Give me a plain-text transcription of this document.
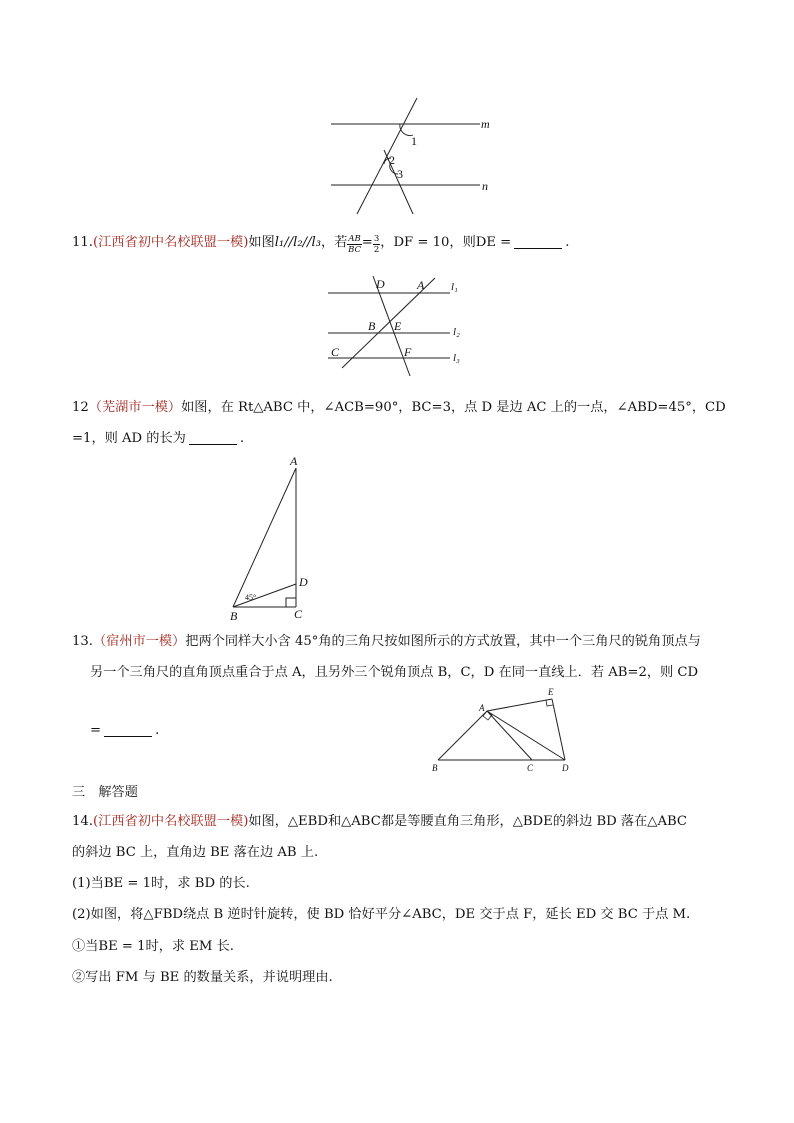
m
n
1
2
3
11.(江西省初中名校联盟一模)如图l₁//l₂//l₃，若 $\frac{AB}{BC} = \frac{3}{2}$ ，DF = 10，则DE =	.
D	A l₁
B E	l₂
C	F	l₃
12（芜湖市一模）如图，在 Rt△ABC 中，∠ACB=90°，BC=3，点 D 是边 AC 上的一点，∠ABD=45°，CD
=1，则 AD 的长为	.
A
D
45°
B	C
13.（宿州市一模）把两个同样大小含 45°角的三角尺按如图所示的方式放置，其中一个三角尺的锐角顶点与
另一个三角尺的直角顶点重合于点 A，且另外三个锐角顶点 B，C，D 在同一直线上．若 AB=2，则 CD
=	.
A
E
B	C	D
三　解答题
14.(江西省初中名校联盟一模)如图，△EBD和△ABC都是等腰直角三角形，△BDE的斜边 BD 落在△ABC
的斜边 BC 上，直角边 BE 落在边 AB 上.
(1)当BE = 1时，求 BD 的长.
(2)如图，将△FBD绕点 B 逆时针旋转，使 BD 恰好平分∠ABC，DE 交于点 F，延长 ED 交 BC 于点 M.
①当BE = 1时，求 EM 长.
②写出 FM 与 BE 的数量关系，并说明理由.
